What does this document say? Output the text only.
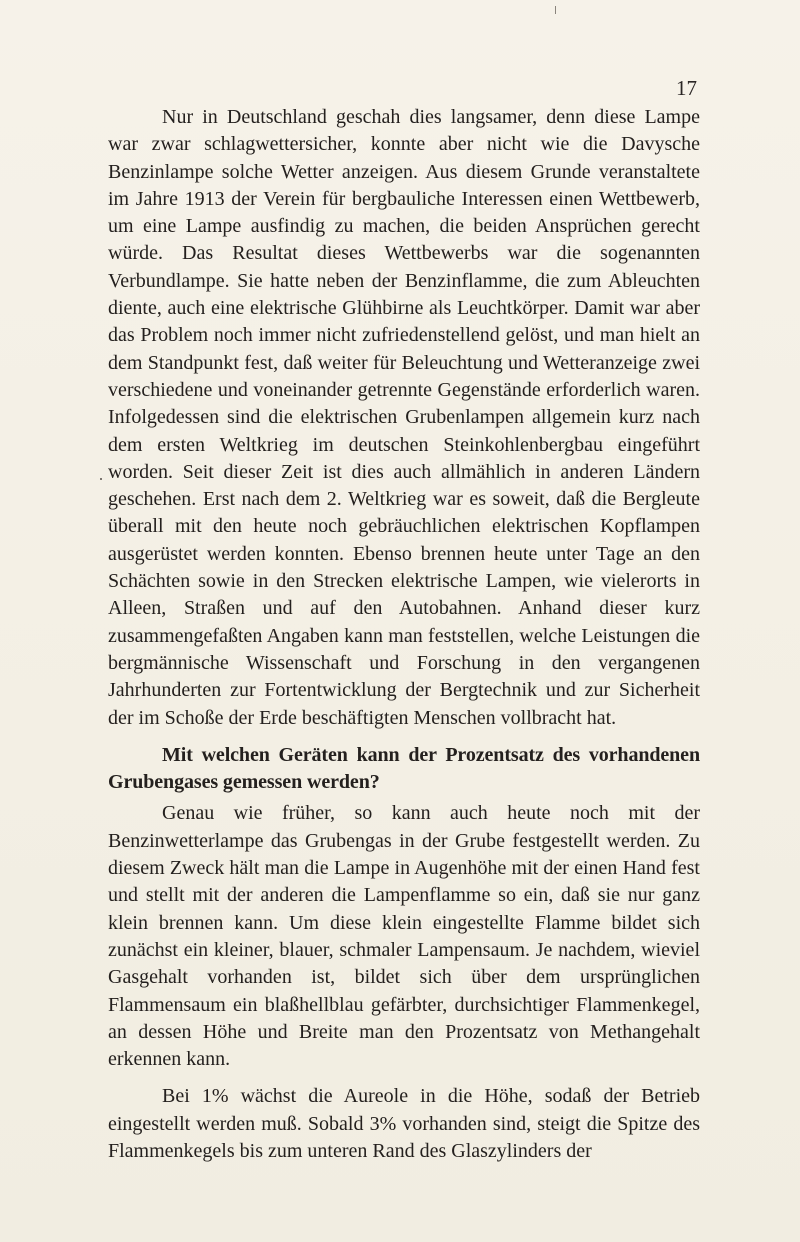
17

Nur in Deutschland geschah dies langsamer, denn diese Lampe war zwar schlagwettersicher, konnte aber nicht wie die Davysche Benzinlampe solche Wetter anzeigen. Aus diesem Grunde veranstaltete im Jahre 1913 der Verein für bergbauliche Interessen einen Wettbewerb, um eine Lampe ausfindig zu machen, die beiden Ansprüchen gerecht würde. Das Resultat dieses Wettbewerbs war die sogenannten Verbundlampe. Sie hatte neben der Benzinflamme, die zum Ableuchten diente, auch eine elektrische Glühbirne als Leuchtkörper. Damit war aber das Problem noch immer nicht zufriedenstellend gelöst, und man hielt an dem Standpunkt fest, daß weiter für Beleuchtung und Wetteranzeige zwei verschiedene und voneinander getrennte Gegenstände erforderlich waren. Infolgedessen sind die elektrischen Grubenlampen allgemein kurz nach dem ersten Weltkrieg im deutschen Steinkohlenbergbau eingeführt worden. Seit dieser Zeit ist dies auch allmählich in anderen Ländern geschehen. Erst nach dem 2. Weltkrieg war es soweit, daß die Bergleute überall mit den heute noch gebräuchlichen elektrischen Kopflampen ausgerüstet werden konnten. Ebenso brennen heute unter Tage an den Schächten sowie in den Strecken elektrische Lampen, wie vielerorts in Alleen, Straßen und auf den Autobahnen. Anhand dieser kurz zusammengefaßten Angaben kann man feststellen, welche Leistungen die bergmännische Wissenschaft und Forschung in den vergangenen Jahrhunderten zur Fortentwicklung der Bergtechnik und zur Sicherheit der im Schoße der Erde beschäftigten Menschen vollbracht hat.

Mit welchen Geräten kann der Prozentsatz des vorhandenen Grubengases gemessen werden?

Genau wie früher, so kann auch heute noch mit der Benzinwetterlampe das Grubengas in der Grube festgestellt werden. Zu diesem Zweck hält man die Lampe in Augenhöhe mit der einen Hand fest und stellt mit der anderen die Lampenflamme so ein, daß sie nur ganz klein brennen kann. Um diese klein eingestellte Flamme bildet sich zunächst ein kleiner, blauer, schmaler Lampensaum. Je nachdem, wieviel Gasgehalt vorhanden ist, bildet sich über dem ursprünglichen Flammensaum ein blaßhellblau gefärbter, durchsichtiger Flammenkegel, an dessen Höhe und Breite man den Prozentsatz von Methangehalt erkennen kann.

Bei 1% wächst die Aureole in die Höhe, sodaß der Betrieb eingestellt werden muß. Sobald 3% vorhanden sind, steigt die Spitze des Flammenkegels bis zum unteren Rand des Glaszylinders der
